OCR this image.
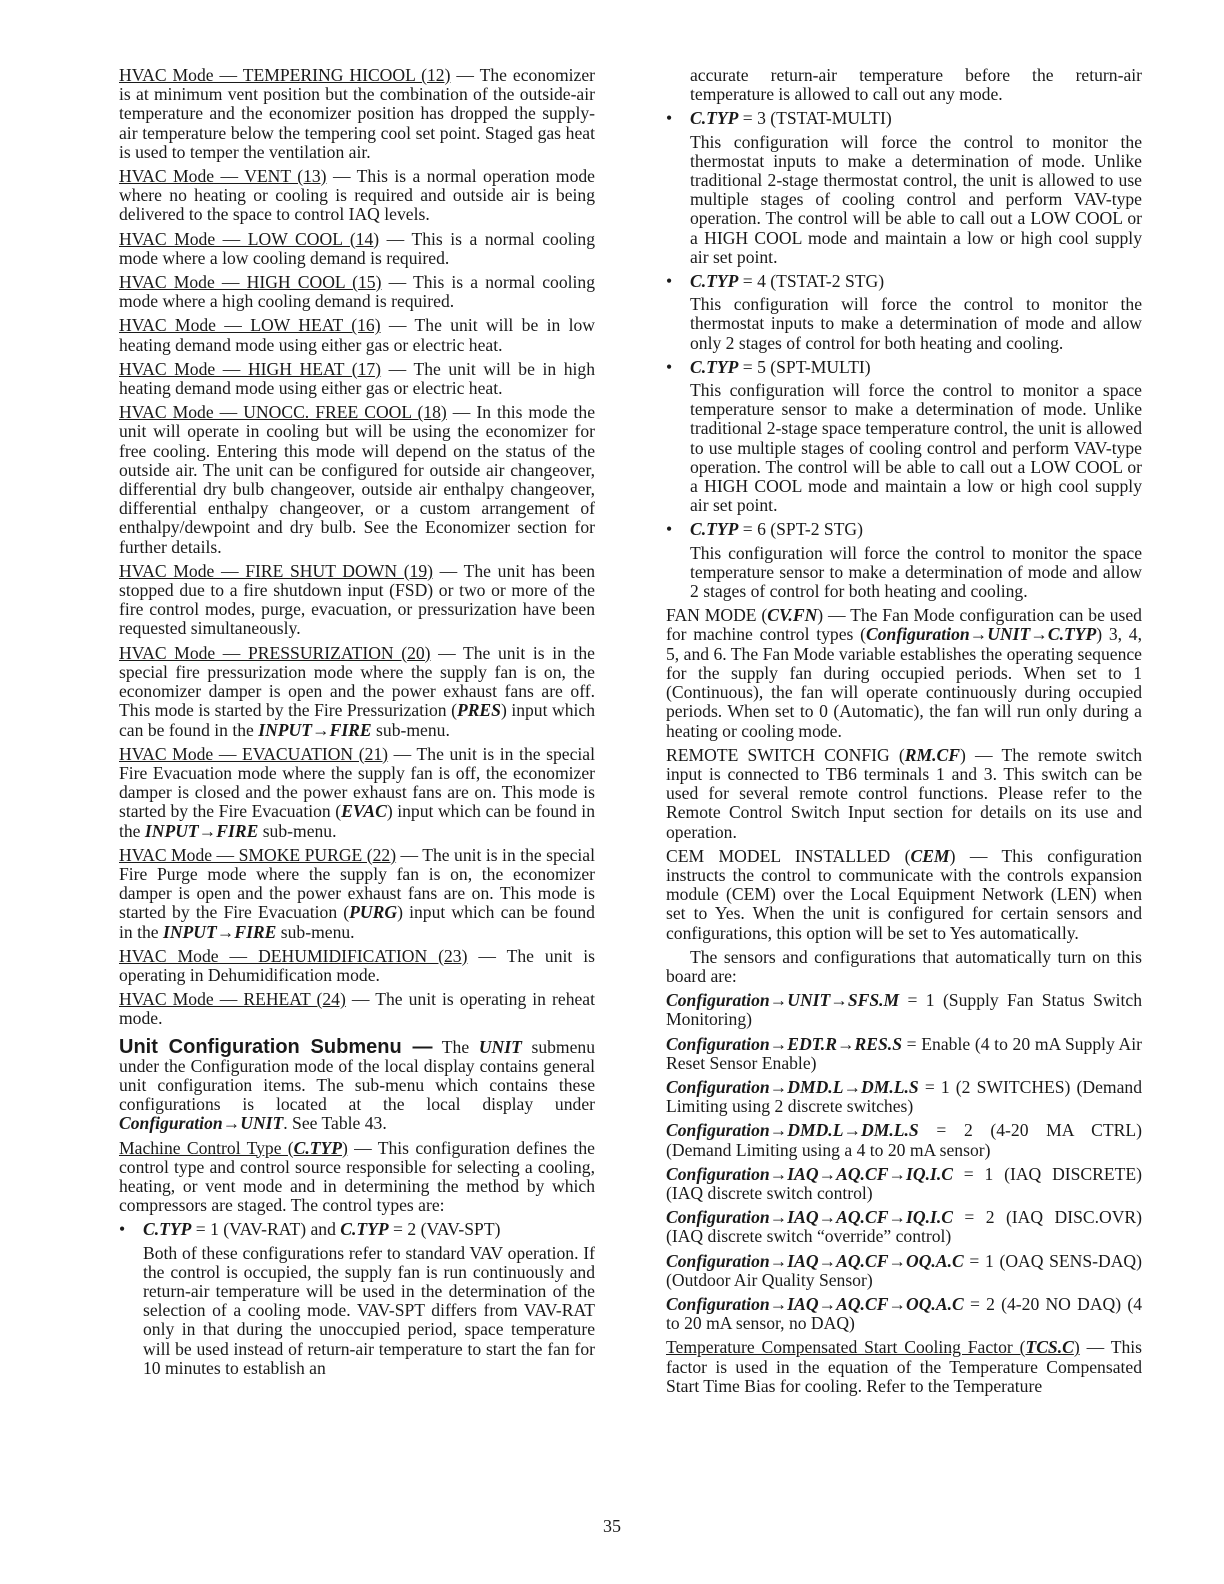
HVAC Mode — TEMPERING HICOOL (12) — The economizer is at minimum vent position but the combination of the outside-air temperature and the economizer position has dropped the supply-air temperature below the tempering cool set point. Staged gas heat is used to temper the ventilation air.

HVAC Mode — VENT (13) — This is a normal operation mode where no heating or cooling is required and outside air is being delivered to the space to control IAQ levels.

HVAC Mode — LOW COOL (14) — This is a normal cooling mode where a low cooling demand is required.

HVAC Mode — HIGH COOL (15) — This is a normal cooling mode where a high cooling demand is required.

HVAC Mode — LOW HEAT (16) — The unit will be in low heating demand mode using either gas or electric heat.

HVAC Mode — HIGH HEAT (17) — The unit will be in high heating demand mode using either gas or electric heat.

HVAC Mode — UNOCC. FREE COOL (18) — In this mode the unit will operate in cooling but will be using the economizer for free cooling. Entering this mode will depend on the status of the outside air. The unit can be configured for outside air changeover, differential dry bulb changeover, outside air enthalpy changeover, differential enthalpy changeover, or a custom arrangement of enthalpy/dewpoint and dry bulb. See the Economizer section for further details.

HVAC Mode — FIRE SHUT DOWN (19) — The unit has been stopped due to a fire shutdown input (FSD) or two or more of the fire control modes, purge, evacuation, or pressurization have been requested simultaneously.

HVAC Mode — PRESSURIZATION (20) — The unit is in the special fire pressurization mode where the supply fan is on, the economizer damper is open and the power exhaust fans are off. This mode is started by the Fire Pressurization (PRES) input which can be found in the INPUT→FIRE sub-menu.

HVAC Mode — EVACUATION (21) — The unit is in the special Fire Evacuation mode where the supply fan is off, the economizer damper is closed and the power exhaust fans are on. This mode is started by the Fire Evacuation (EVAC) input which can be found in the INPUT→FIRE sub-menu.

HVAC Mode — SMOKE PURGE (22) — The unit is in the special Fire Purge mode where the supply fan is on, the economizer damper is open and the power exhaust fans are on. This mode is started by the Fire Evacuation (PURG) input which can be found in the INPUT→FIRE sub-menu.

HVAC Mode — DEHUMIDIFICATION (23) — The unit is operating in Dehumidification mode.

HVAC Mode — REHEAT (24) — The unit is operating in reheat mode.

Unit Configuration Submenu — The UNIT submenu under the Configuration mode of the local display contains general unit configuration items. The sub-menu which contains these configurations is located at the local display under Configuration→UNIT. See Table 43.

Machine Control Type (C.TYP) — This configuration defines the control type and control source responsible for selecting a cooling, heating, or vent mode and in determining the method by which compressors are staged. The control types are:

• C.TYP = 1 (VAV-RAT) and C.TYP = 2 (VAV-SPT)

Both of these configurations refer to standard VAV operation. If the control is occupied, the supply fan is run continuously and return-air temperature will be used in the determination of the selection of a cooling mode. VAV-SPT differs from VAV-RAT only in that during the unoccupied period, space temperature will be used instead of return-air temperature to start the fan for 10 minutes to establish an

accurate return-air temperature before the return-air temperature is allowed to call out any mode.

• C.TYP = 3 (TSTAT-MULTI)

This configuration will force the control to monitor the thermostat inputs to make a determination of mode. Unlike traditional 2-stage thermostat control, the unit is allowed to use multiple stages of cooling control and perform VAV-type operation. The control will be able to call out a LOW COOL or a HIGH COOL mode and maintain a low or high cool supply air set point.

• C.TYP = 4 (TSTAT-2 STG)

This configuration will force the control to monitor the thermostat inputs to make a determination of mode and allow only 2 stages of control for both heating and cooling.

• C.TYP = 5 (SPT-MULTI)

This configuration will force the control to monitor a space temperature sensor to make a determination of mode. Unlike traditional 2-stage space temperature control, the unit is allowed to use multiple stages of cooling control and perform VAV-type operation. The control will be able to call out a LOW COOL or a HIGH COOL mode and maintain a low or high cool supply air set point.

• C.TYP = 6 (SPT-2 STG)

This configuration will force the control to monitor the space temperature sensor to make a determination of mode and allow 2 stages of control for both heating and cooling.

FAN MODE (CV.FN) — The Fan Mode configuration can be used for machine control types (Configuration→UNIT→C.TYP) 3, 4, 5, and 6. The Fan Mode variable establishes the operating sequence for the supply fan during occupied periods. When set to 1 (Continuous), the fan will operate continuously during occupied periods. When set to 0 (Automatic), the fan will run only during a heating or cooling mode.

REMOTE SWITCH CONFIG (RM.CF) — The remote switch input is connected to TB6 terminals 1 and 3. This switch can be used for several remote control functions. Please refer to the Remote Control Switch Input section for details on its use and operation.

CEM MODEL INSTALLED (CEM) — This configuration instructs the control to communicate with the controls expansion module (CEM) over the Local Equipment Network (LEN) when set to Yes. When the unit is configured for certain sensors and configurations, this option will be set to Yes automatically.

The sensors and configurations that automatically turn on this board are:

Configuration→UNIT→SFS.M = 1 (Supply Fan Status Switch Monitoring)

Configuration→EDT.R→RES.S = Enable (4 to 20 mA Supply Air Reset Sensor Enable)

Configuration→DMD.L→DM.L.S = 1 (2 SWITCHES) (Demand Limiting using 2 discrete switches)

Configuration→DMD.L→DM.L.S = 2 (4-20 MA CTRL) (Demand Limiting using a 4 to 20 mA sensor)

Configuration→IAQ→AQ.CF→IQ.I.C = 1 (IAQ DISCRETE) (IAQ discrete switch control)

Configuration→IAQ→AQ.CF→IQ.I.C = 2 (IAQ DISC.OVR) (IAQ discrete switch “override” control)

Configuration→IAQ→AQ.CF→OQ.A.C = 1 (OAQ SENS-DAQ) (Outdoor Air Quality Sensor)

Configuration→IAQ→AQ.CF→OQ.A.C = 2 (4-20 NO DAQ) (4 to 20 mA sensor, no DAQ)

Temperature Compensated Start Cooling Factor (TCS.C) — This factor is used in the equation of the Temperature Compensated Start Time Bias for cooling. Refer to the Temperature

35
